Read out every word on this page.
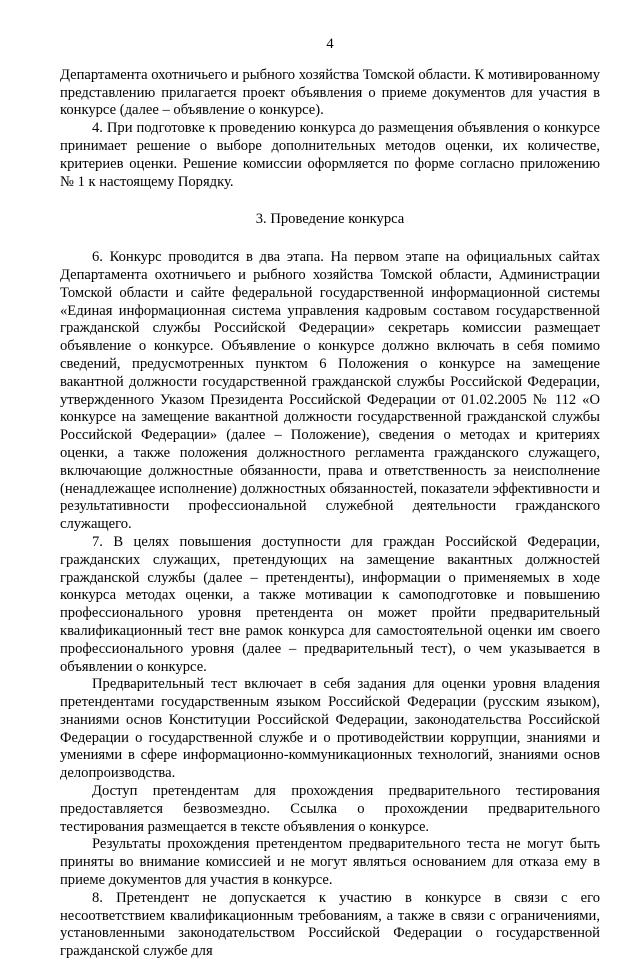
4

Департамента охотничьего и рыбного хозяйства Томской области. К мотивированному представлению прилагается проект объявления о приеме документов для участия в конкурсе (далее – объявление о конкурсе).

4. При подготовке к проведению конкурса до размещения объявления о конкурсе принимает решение о выборе дополнительных методов оценки, их количестве, критериев оценки. Решение комиссии оформляется по форме согласно приложению № 1 к настоящему Порядку.

3. Проведение конкурса

6. Конкурс проводится в два этапа. На первом этапе на официальных сайтах Департамента охотничьего и рыбного хозяйства Томской области, Администрации Томской области и сайте федеральной государственной информационной системы «Единая информационная система управления кадровым составом государственной гражданской службы Российской Федерации» секретарь комиссии размещает объявление о конкурсе. Объявление о конкурсе должно включать в себя помимо сведений, предусмотренных пунктом 6 Положения о конкурсе на замещение вакантной должности государственной гражданской службы Российской Федерации, утвержденного Указом Президента Российской Федерации от 01.02.2005 № 112 «О конкурсе на замещение вакантной должности государственной гражданской службы Российской Федерации» (далее – Положение), сведения о методах и критериях оценки, а также положения должностного регламента гражданского служащего, включающие должностные обязанности, права и ответственность за неисполнение (ненадлежащее исполнение) должностных обязанностей, показатели эффективности и результативности профессиональной служебной деятельности гражданского служащего.

7. В целях повышения доступности для граждан Российской Федерации, гражданских служащих, претендующих на замещение вакантных должностей гражданской службы (далее – претенденты), информации о применяемых в ходе конкурса методах оценки, а также мотивации к самоподготовке и повышению профессионального уровня претендента он может пройти предварительный квалификационный тест вне рамок конкурса для самостоятельной оценки им своего профессионального уровня (далее – предварительный тест), о чем указывается в объявлении о конкурсе.

Предварительный тест включает в себя задания для оценки уровня владения претендентами государственным языком Российской Федерации (русским языком), знаниями основ Конституции Российской Федерации, законодательства Российской Федерации о государственной службе и о противодействии коррупции, знаниями и умениями в сфере информационно-коммуникационных технологий, знаниями основ делопроизводства.

Доступ претендентам для прохождения предварительного тестирования предоставляется безвозмездно. Ссылка о прохождении предварительного тестирования размещается в тексте объявления о конкурсе.

Результаты прохождения претендентом предварительного теста не могут быть приняты во внимание комиссией и не могут являться основанием для отказа ему в приеме документов для участия в конкурсе.

8. Претендент не допускается к участию в конкурсе в связи с его несоответствием квалификационным требованиям, а также в связи с ограничениями, установленными законодательством Российской Федерации о государственной гражданской службе для
